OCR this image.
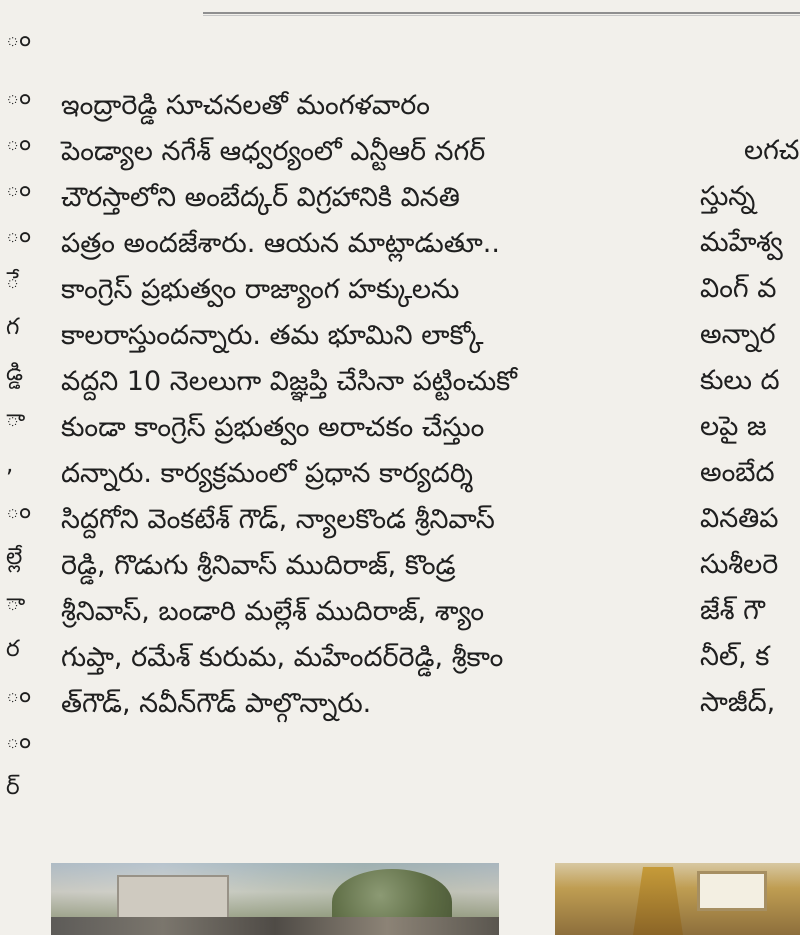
ం
ం
ం
ం
ం
ే
గ
డ్డి
ా
,
ం
ల్లే
ా
ర
ం
ం
ర్
ఇంద్రారెడ్డి సూచనలతో మంగళవారం
పెండ్యాల నగేశ్ ఆధ్వర్యంలో ఎన్టీఆర్ నగర్
చౌరస్తాలోని అంబేద్కర్ విగ్రహానికి వినతి
పత్రం అందజేశారు. ఆయన మాట్లాడుతూ..
కాంగ్రెస్ ప్రభుత్వం రాజ్యాంగ హక్కులను
కాలరాస్తుందన్నారు. తమ భూమిని లాక్కో
వద్దని 10 నెలలుగా విజ్ఞప్తి చేసినా పట్టించుకో
కుండా కాంగ్రెస్ ప్రభుత్వం అరాచకం చేస్తుం
దన్నారు. కార్యక్రమంలో ప్రధాన కార్యదర్శి
సిద్దగోని వెంకటేశ్ గౌడ్, న్యాలకొండ శ్రీనివాస్
రెడ్డి, గొడుగు శ్రీనివాస్ ముదిరాజ్, కొండ్ర
శ్రీనివాస్, బండారి మల్లేశ్ ముదిరాజ్, శ్యాం
గుప్తా, రమేశ్ కురుమ, మహేందర్‌రెడ్డి, శ్రీకాం
త్‌గౌడ్, నవీన్‌గౌడ్ పాల్గొన్నారు.
లగచ
స్తున్న
మహేశ్వ
వింగ్ వ
అన్నార
కులు ద
లపై జ
అంబేద
వినతిప
సుశీలరె
జేశ్ గౌ
నీల్, క
సాజీద్,
